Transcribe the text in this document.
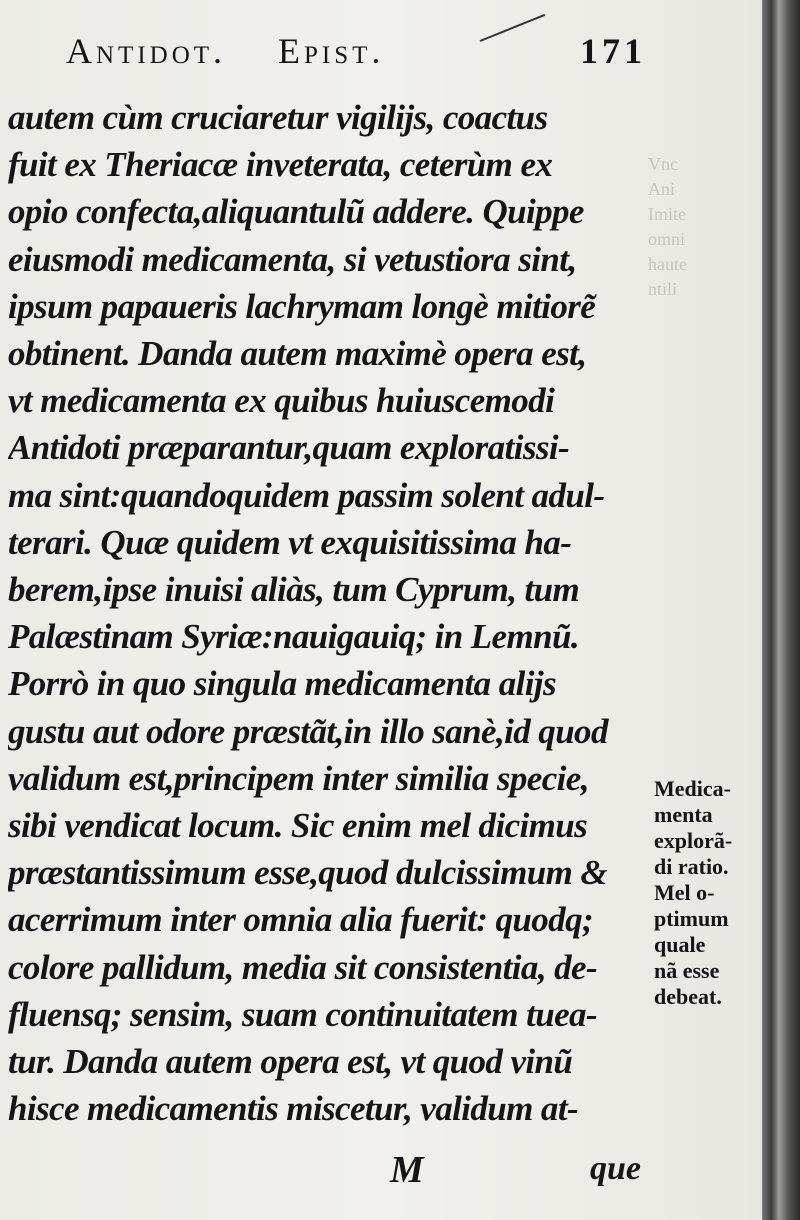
Vnc
Ani
Imite
omni
haute
ntili
Antidot. Epist.	171
autem cùm cruciaretur vigilijs, coactus
fuit ex Theriacæ inveterata, ceterùm ex
opio confecta,aliquantulũ addere. Quippe
eiusmodi medicamenta, si vetustiora sint,
ipsum papaueris lachrymam longè mitiorẽ
obtinent. Danda autem maximè opera est,
vt medicamenta ex quibus huiuscemodi
Antidoti præparantur,quam exploratissi-
ma sint:quandoquidem passim solent adul-
terari. Quæ quidem vt exquisitissima ha-
berem,ipse inuisi aliàs, tum Cyprum, tum
Palæstinam Syriæ:nauigauiq; in Lemnũ.
Porrò in quo singula medicamenta alijs
gustu aut odore præstãt,in illo sanè,id quod
validum est,principem inter similia specie,
sibi vendicat locum. Sic enim mel dicimus
præstantissimum esse,quod dulcissimum &
acerrimum inter omnia alia fuerit: quodq;
colore pallidum, media sit consistentia, de-
fluensq; sensim, suam continuitatem tuea-
tur. Danda autem opera est, vt quod vinũ
hisce medicamentis miscetur, validum at-
Medica-
menta
explorã-
di ratio.
Mel o-
ptimum
quale
nã esse
debeat.
M	que
